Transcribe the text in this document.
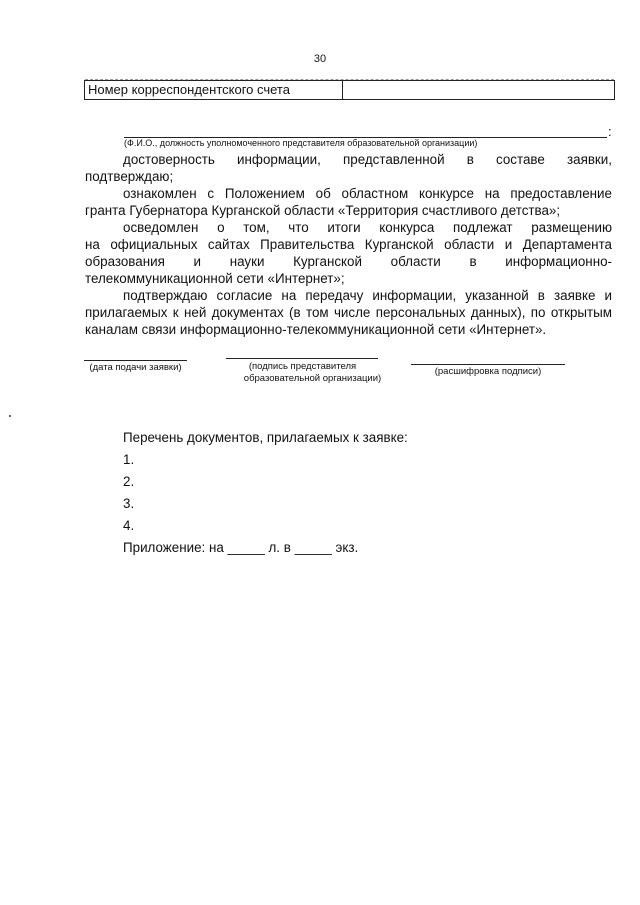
30
Номер корреспондентского счета
:
(Ф.И.О., должность уполномоченного представителя образовательной организации)
достоверность информации, представленной в составе заявки,
подтверждаю;
ознакомлен с Положением об областном конкурсе на предоставление
гранта Губернатора Курганской области «Территория счастливого детства»;
осведомлен о том, что итоги конкурса подлежат размещению
на официальных сайтах Правительства Курганской области и Департамента
образования и науки Курганской области в информационно-
телекоммуникационной сети «Интернет»;
подтверждаю согласие на передачу информации, указанной в заявке и
прилагаемых к ней документах (в том числе персональных данных), по открытым
каналам связи информационно-телекоммуникационной сети «Интернет».
(дата подачи заявки)	(подпись представителя
образовательной организации)
(расшифровка подписи)
Перечень документов, прилагаемых к заявке:
1.
2.
3.
4.
Приложение: на _____ л. в _____ экз.
